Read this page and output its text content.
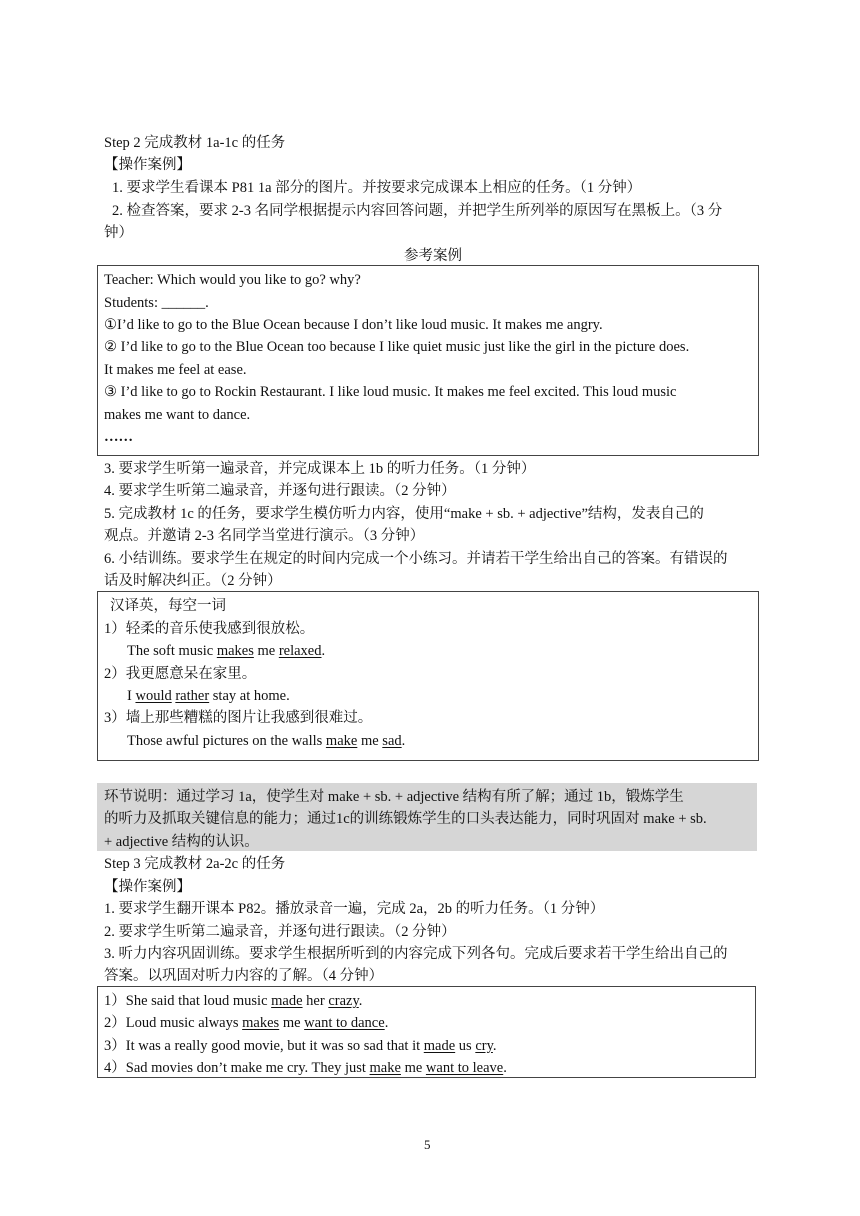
Step 2 完成教材 1a-1c 的任务
【操作案例】
1. 要求学生看课本 P81 1a 部分的图片。并按要求完成课本上相应的任务。（1 分钟）
2. 检查答案，要求 2-3 名同学根据提示内容回答问题，并把学生所列举的原因写在黑板上。（3 分
钟）
参考案例
Teacher: Which would you like to go? why?
Students: ______.
①I’d like to go to the Blue Ocean because I don’t like loud music. It makes me angry.
② I’d like to go to the Blue Ocean too because I like quiet music just like the girl in the picture does.
It makes me feel at ease.
③ I’d like to go to Rockin Restaurant. I like loud music. It makes me feel excited. This loud music
makes me want to dance.
……
3. 要求学生听第一遍录音，并完成课本上 1b 的听力任务。（1 分钟）
4. 要求学生听第二遍录音，并逐句进行跟读。（2 分钟）
5. 完成教材 1c 的任务，要求学生模仿听力内容，使用“make + sb. + adjective”结构，发表自己的
观点。并邀请 2-3 名同学当堂进行演示。（3 分钟）
6. 小结训练。要求学生在规定的时间内完成一个小练习。并请若干学生给出自己的答案。有错误的
话及时解决纠正。（2 分钟）
汉译英，每空一词
1）轻柔的音乐使我感到很放松。
The soft music makes me relaxed.
2）我更愿意呆在家里。
I would rather stay at home.
3）墙上那些糟糕的图片让我感到很难过。
Those awful pictures on the walls make me sad.
环节说明：通过学习 1a，使学生对 make + sb. + adjective 结构有所了解；通过 1b，锻炼学生
的听力及抓取关键信息的能力；通过1c的训练锻炼学生的口头表达能力，同时巩固对 make + sb.
+ adjective 结构的认识。
Step 3 完成教材 2a-2c 的任务
【操作案例】
1. 要求学生翻开课本 P82。播放录音一遍，完成 2a，2b 的听力任务。（1 分钟）
2. 要求学生听第二遍录音，并逐句进行跟读。（2 分钟）
3. 听力内容巩固训练。要求学生根据所听到的内容完成下列各句。完成后要求若干学生给出自己的
答案。以巩固对听力内容的了解。（4 分钟）
1）She said that loud music made her crazy.
2）Loud music always makes me want to dance.
3）It was a really good movie, but it was so sad that it made us cry.
4）Sad movies don’t make me cry. They just make me want to leave.
5
